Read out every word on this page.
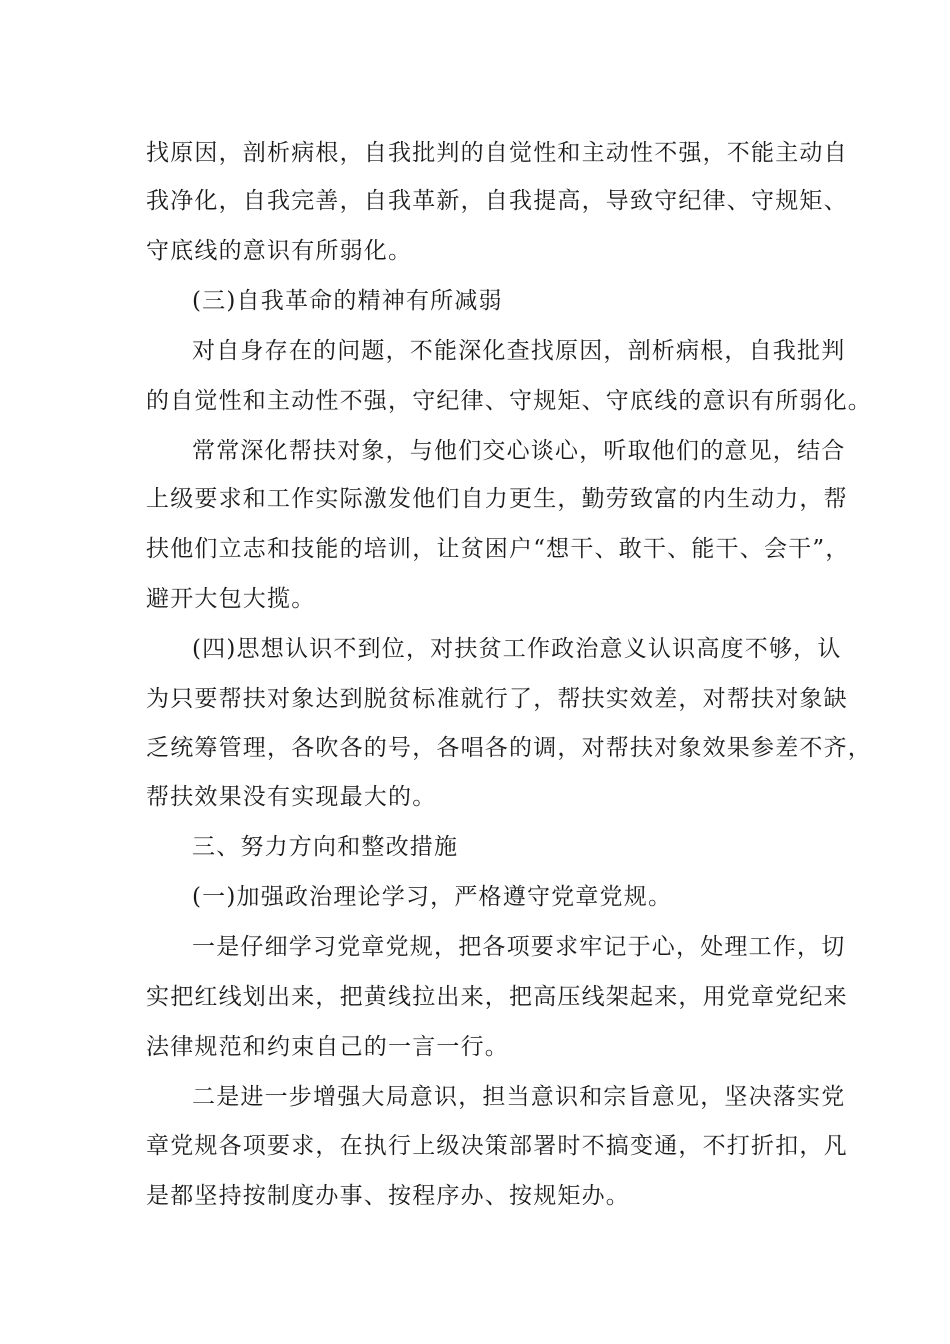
找原因，剖析病根，自我批判的自觉性和主动性不强，不能主动自
我净化，自我完善，自我革新，自我提高，导致守纪律、守规矩、
守底线的意识有所弱化。
(三)自我革命的精神有所减弱
对自身存在的问题，不能深化查找原因，剖析病根，自我批判
的自觉性和主动性不强，守纪律、守规矩、守底线的意识有所弱化。
常常深化帮扶对象，与他们交心谈心，听取他们的意见，结合
上级要求和工作实际激发他们自力更生，勤劳致富的内生动力，帮
扶他们立志和技能的培训，让贫困户“想干、敢干、能干、会干”，
避开大包大揽。
(四)思想认识不到位，对扶贫工作政治意义认识高度不够，认
为只要帮扶对象达到脱贫标准就行了，帮扶实效差，对帮扶对象缺
乏统筹管理，各吹各的号，各唱各的调，对帮扶对象效果参差不齐，
帮扶效果没有实现最大的。
三、努力方向和整改措施
(一)加强政治理论学习，严格遵守党章党规。
一是仔细学习党章党规，把各项要求牢记于心，处理工作，切
实把红线划出来，把黄线拉出来，把高压线架起来，用党章党纪来
法律规范和约束自己的一言一行。
二是进一步增强大局意识，担当意识和宗旨意见，坚决落实党
章党规各项要求，在执行上级决策部署时不搞变通，不打折扣，凡
是都坚持按制度办事、按程序办、按规矩办。
